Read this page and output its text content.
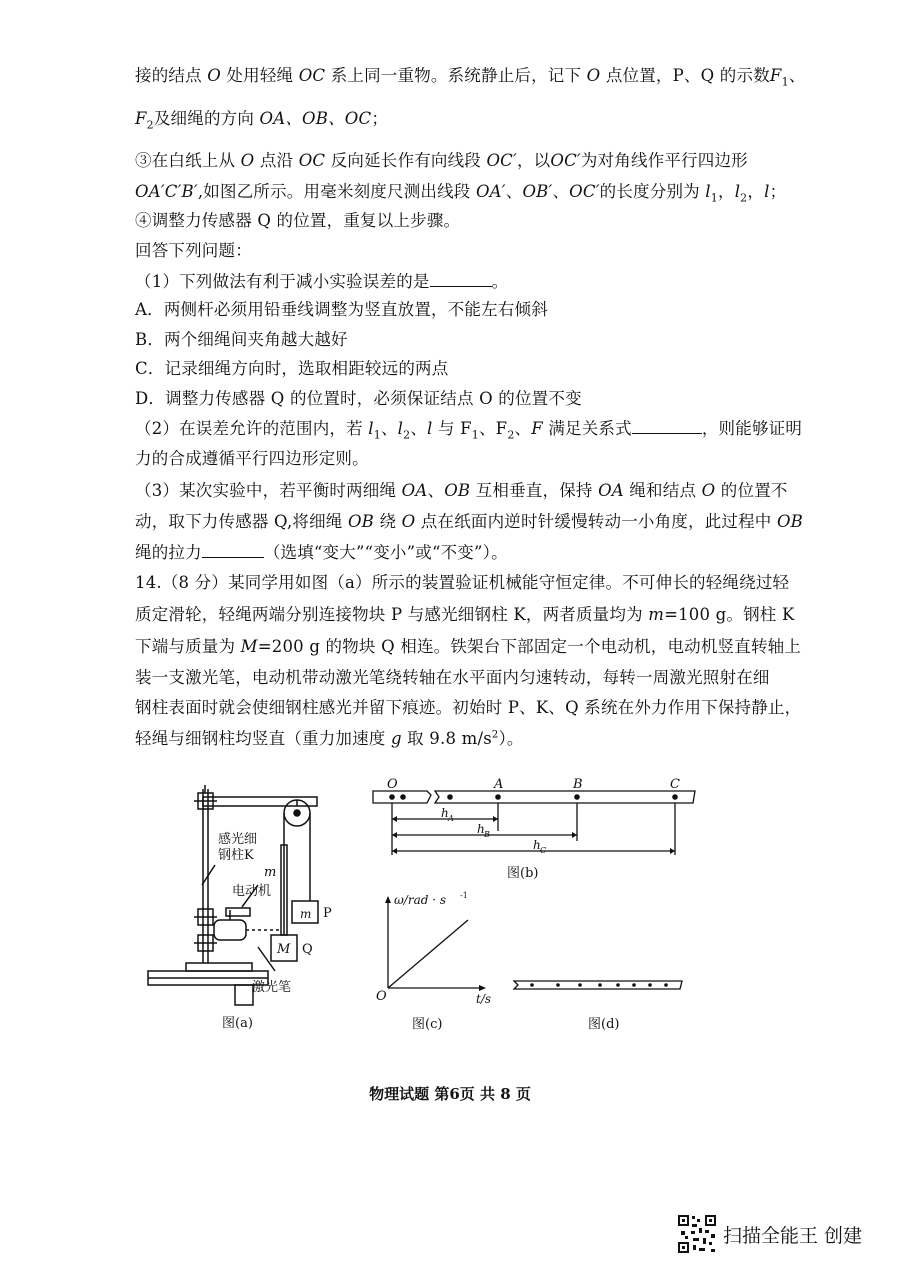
接的结点 O 处用轻绳 OC 系上同一重物。系统静止后，记下 O 点位置，P、Q 的示数$F_1$、
$F_2$及细绳的方向 OA、OB、OC；
③在白纸上从 O 点沿 OC 反向延长作有向线段 OC′，以OC′为对角线作平行四边形
OA′C′B′,如图乙所示。用毫米刻度尺测出线段 OA′、OB′、OC′的长度分别为 $l_1$，$l_2$，l；
④调整力传感器 Q 的位置，重复以上步骤。
回答下列问题：
（1）下列做法有利于减小实验误差的是	。
A．两侧杆必须用铅垂线调整为竖直放置，不能左右倾斜
B．两个细绳间夹角越大越好
C．记录细绳方向时，选取相距较远的两点
D．调整力传感器 Q 的位置时，必须保证结点 O 的位置不变
（2）在误差允许的范围内，若 $l_1$、$l_2$、l 与 $F_1$、$F_2$、F 满足关系式	，则能够证明
力的合成遵循平行四边形定则。
（3）某次实验中，若平衡时两细绳 OA、OB 互相垂直，保持 OA 绳和结点 O 的位置不
动，取下力传感器 Q,将细绳 OB 绕 O 点在纸面内逆时针缓慢转动一小角度，此过程中 OB
绳的拉力	（选填“变大”“变小”或“不变”）。
14.（8 分）某同学用如图（a）所示的装置验证机械能守恒定律。不可伸长的轻绳绕过轻
质定滑轮，轻绳两端分别连接物块 P 与感光细钢柱 K，两者质量均为 m=100 g。钢柱 K
下端与质量为 M=200 g 的物块 Q 相连。铁架台下部固定一个电动机，电动机竖直转轴上
装一支激光笔，电动机带动激光笔绕转轴在水平面内匀速转动，每转一周激光照射在细
钢柱表面时就会使细钢柱感光并留下痕迹。初始时 P、K、Q 系统在外力作用下保持静止，
轻绳与细钢柱均竖直（重力加速度 g 取 9.8 $m/s^2$）。
感光细
钢柱K
m
电动机
m P
M Q
激光笔
图(a)
O	A	B	C
h A
h B
h C
图(b)
ω/rad · s -1
O	t/s
图(c)	图(d)
物理试题 第6页 共 8 页
扫描全能王 创建
